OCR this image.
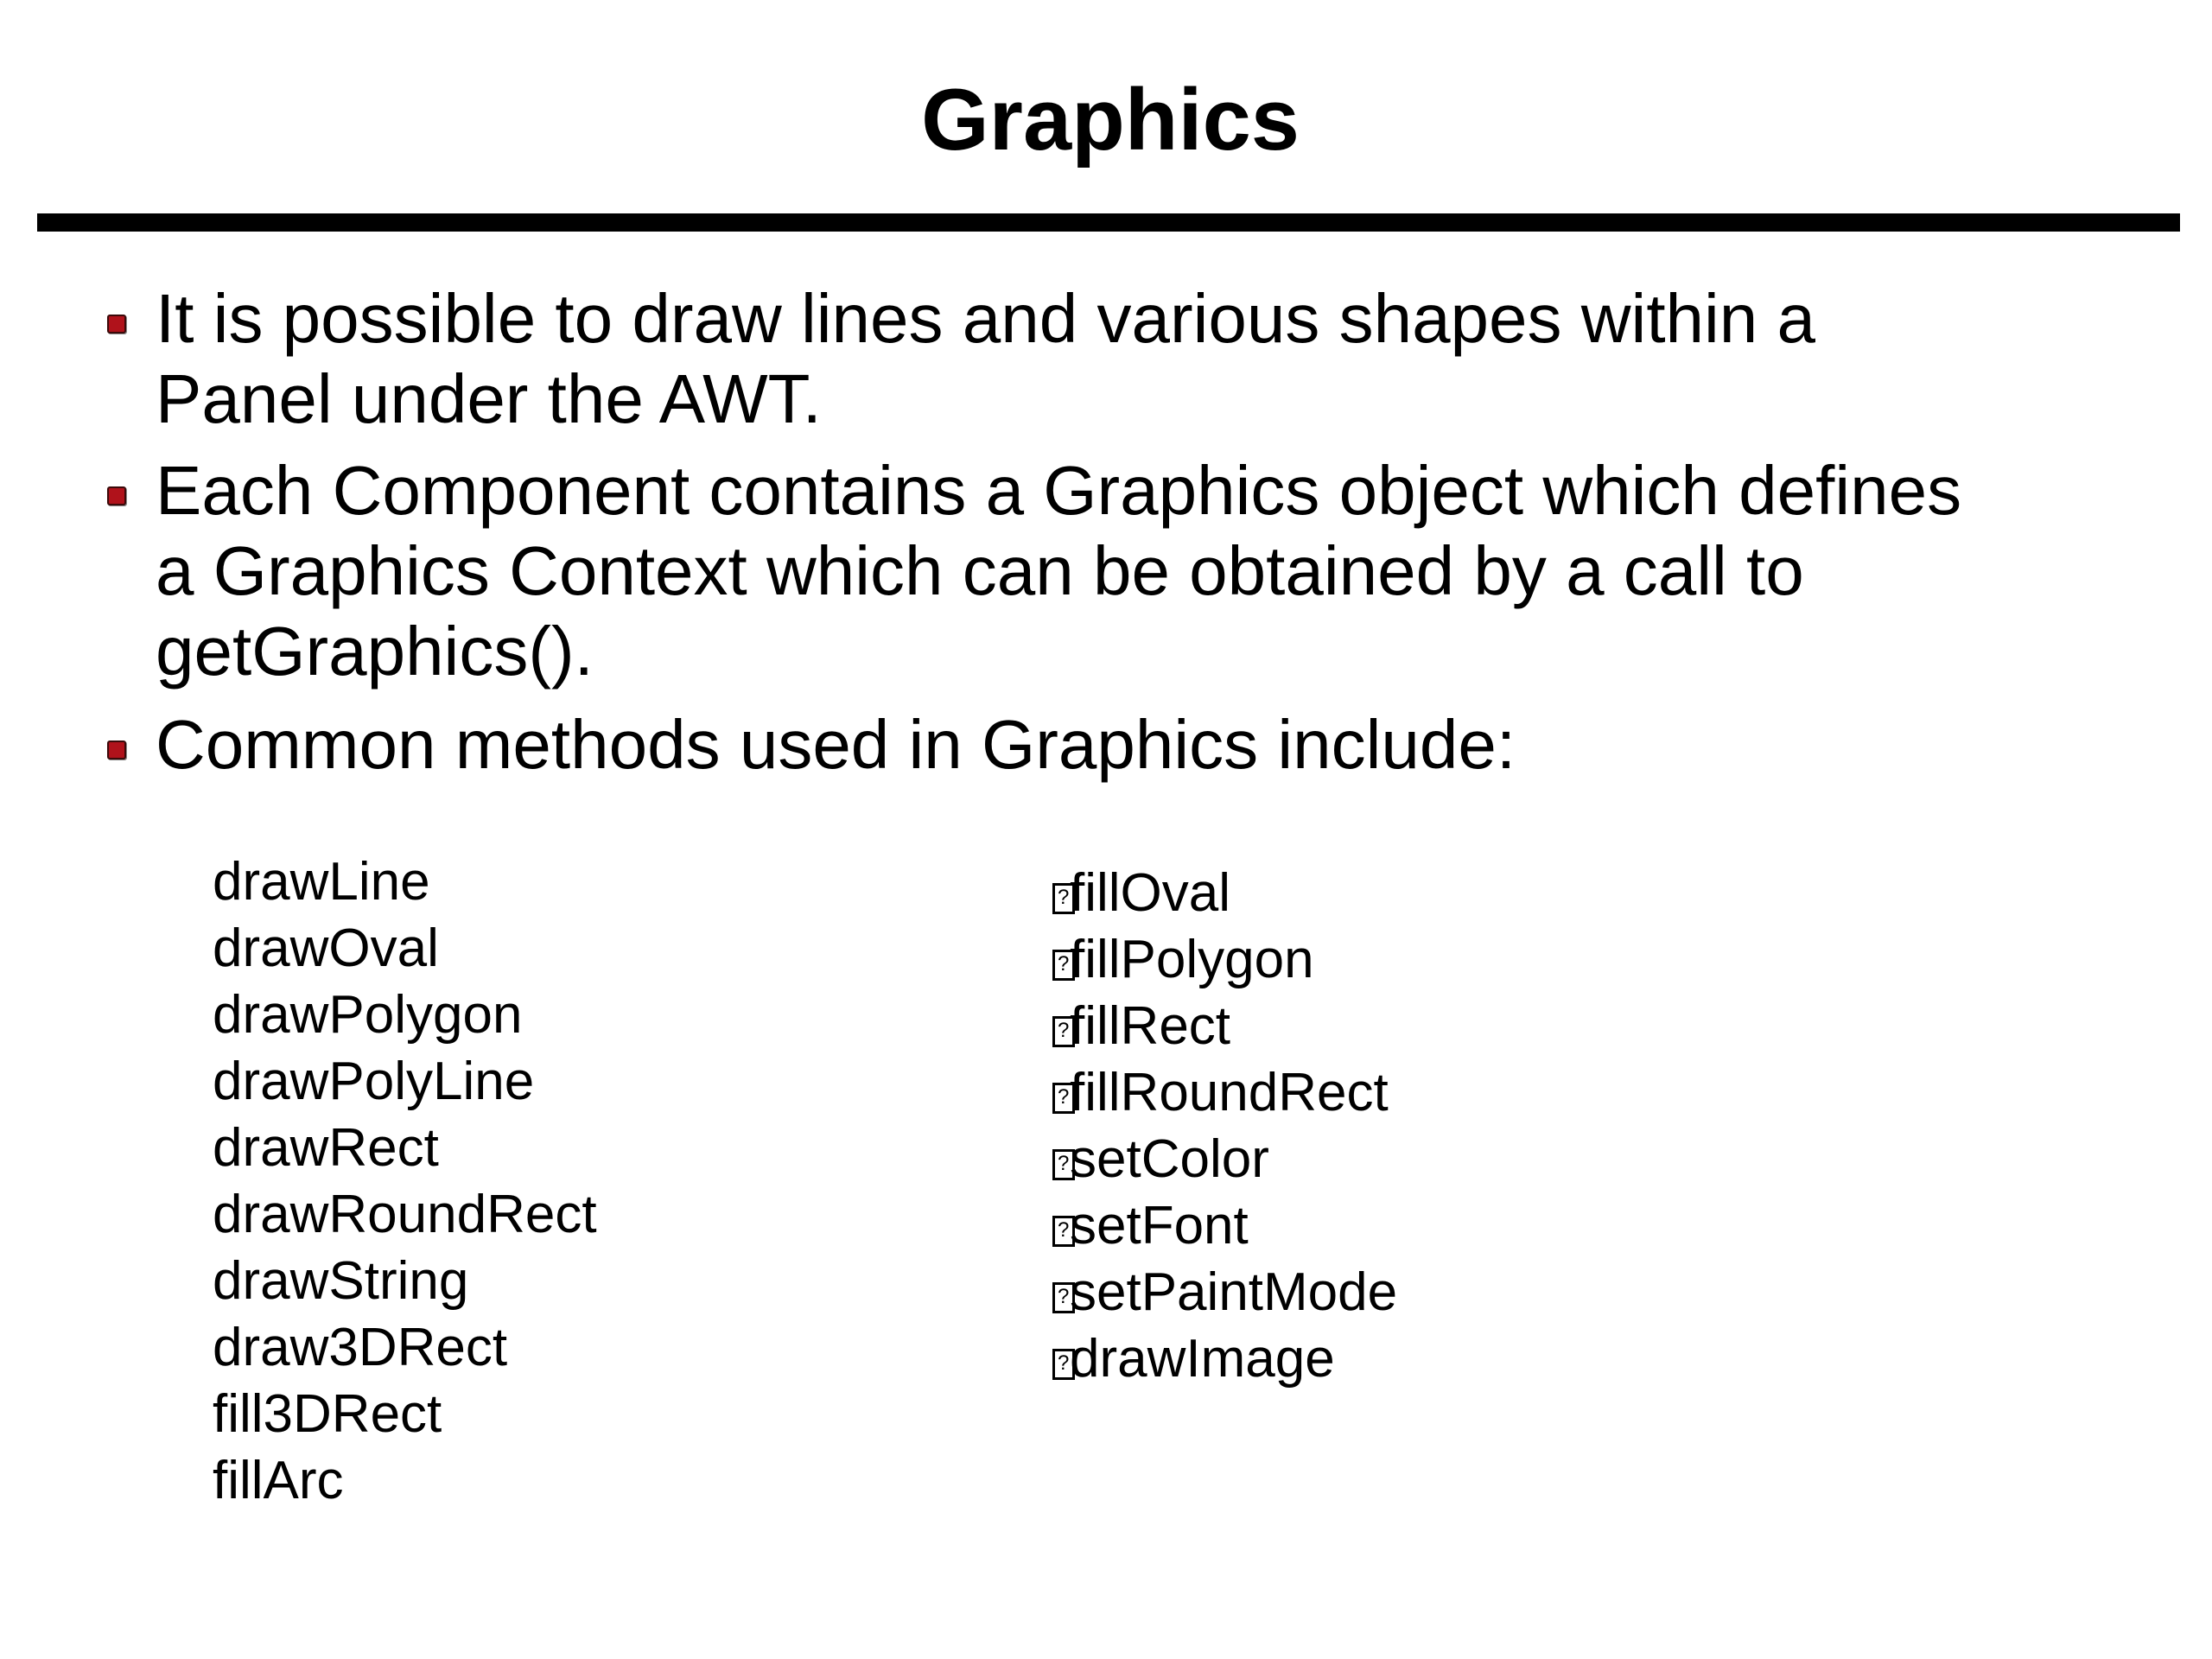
Graphics
It is possible to draw lines and various shapes within a
Panel under the AWT.
Each Component contains a Graphics object which defines
a Graphics Context which can be obtained by a call to
getGraphics().
Common methods used in Graphics include:
drawLine
drawOval
drawPolygon
drawPolyLine
drawRect
drawRoundRect
drawString
draw3DRect
fill3DRect
fillArc
?fillOval
?fillPolygon
?fillRect
?fillRoundRect
?setColor
?setFont
?setPaintMode
?drawImage
